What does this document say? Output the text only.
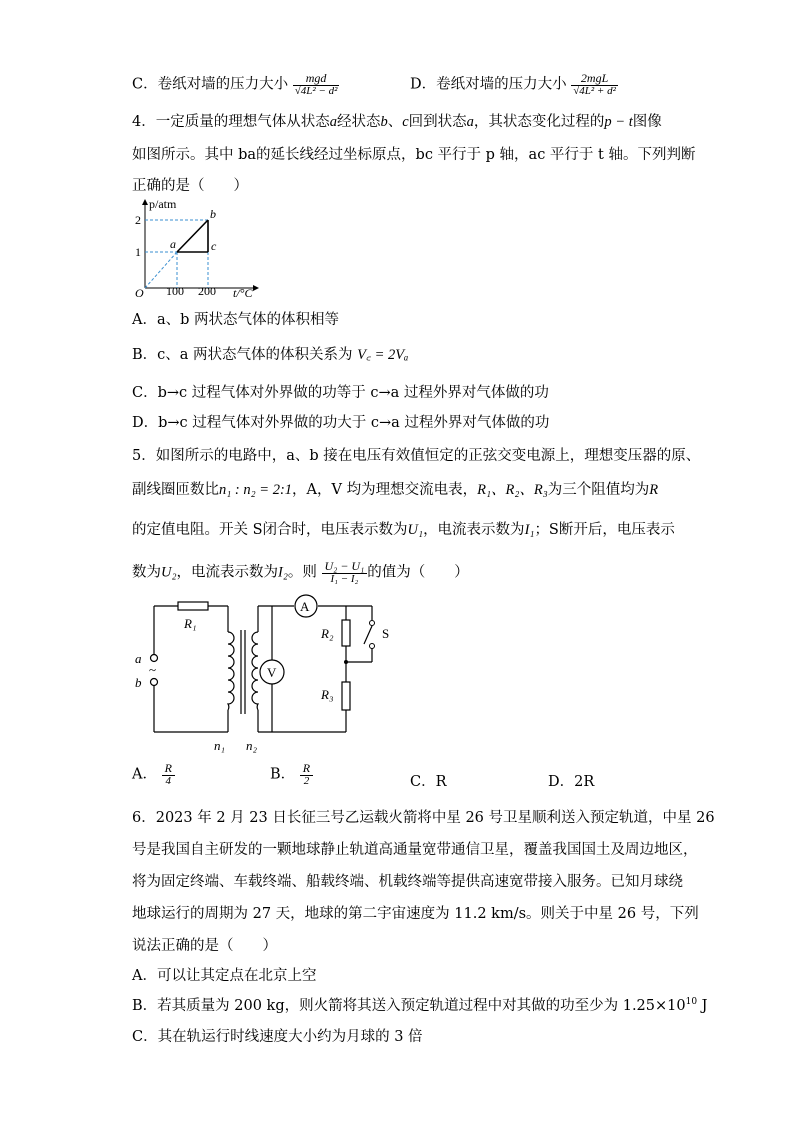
C．卷纸对墙的压力大小 $\frac{\text{mgd}}{\text{√4L² − d²}}$	D．卷纸对墙的压力大小 $\frac{\text{2mgL}}{\text{√4L² + d²}}$
4．一定质量的理想气体从状态a经状态b、c回到状态a，其状态变化过程的p − t图像
如图所示。其中 ba的延长线经过坐标原点，bc 平行于 p 轴，ac 平行于 t 轴。下列判断
正确的是（　　）
p/atm
t/°C
O
2
1
100 200
a
b
c
A．a、b 两状态气体的体积相等
B．c、a 两状态气体的体积关系为 V꜀ = 2Vₐ
C．b→c 过程气体对外界做的功等于 c→a 过程外界对气体做的功
D．b→c 过程气体对外界做的功大于 c→a 过程外界对气体做的功
5．如图所示的电路中，a、b 接在电压有效值恒定的正弦交变电源上，理想变压器的原、
副线圈匝数比n₁ : n₂ = 2:1，A，V 均为理想交流电表，R₁、R₂、R₃为三个阻值均为R
的定值电阻。开关 S闭合时，电压表示数为U₁，电流表示数为I₁；S断开后，电压表示
数为U₂，电流表示数为I₂。则 $\frac{\text{U₂ − U₁}}{\text{I₁ − I₂}}$ 的值为（　　）
A
V
R₁
R₂
R₃
a
b
~
S
n₁ n₂
A． $\frac{R}{4}$	B． $\frac{R}{2}$	C．R	D．2R
6．2023 年 2 月 23 日长征三号乙运载火箭将中星 26 号卫星顺利送入预定轨道，中星 26
号是我国自主研发的一颗地球静止轨道高通量宽带通信卫星，覆盖我国国土及周边地区，
将为固定终端、车载终端、船载终端、机载终端等提供高速宽带接入服务。已知月球绕
地球运行的周期为 27 天，地球的第二宇宙速度为 11.2 km/s。则关于中星 26 号，下列
说法正确的是（　　）
A．可以让其定点在北京上空
B．若其质量为 200 kg，则火箭将其送入预定轨道过程中对其做的功至少为 $1.25\times 10^{10}$ J
C．其在轨运行时线速度大小约为月球的 3 倍
